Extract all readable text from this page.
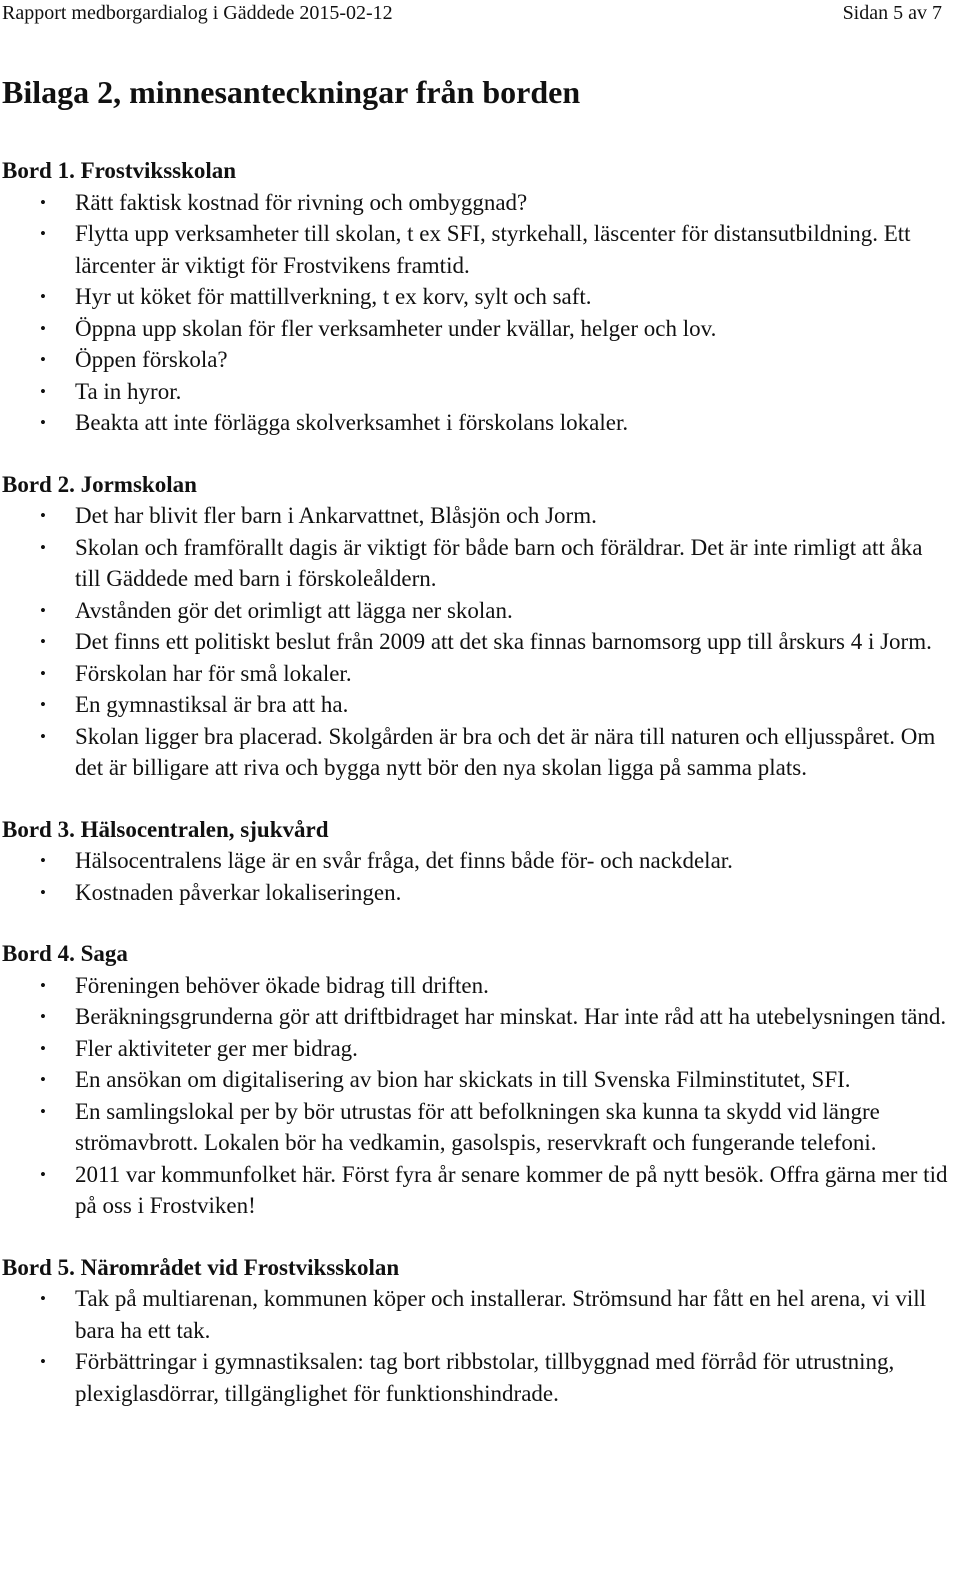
Rapport medborgardialog i Gäddede 2015-02-12	Sidan 5 av 7
Bilaga 2, minnesanteckningar från borden
Bord 1. Frostviksskolan
•	Rätt faktisk kostnad för rivning och ombyggnad?
•	Flytta upp verksamheter till skolan, t ex SFI, styrkehall, läscenter för distansutbildning. Ett lärcenter är viktigt för Frostvikens framtid.
•	Hyr ut köket för mattillverkning, t ex korv, sylt och saft.
•	Öppna upp skolan för fler verksamheter under kvällar, helger och lov.
•	Öppen förskola?
•	Ta in hyror.
•	Beakta att inte förlägga skolverksamhet i förskolans lokaler.
Bord 2. Jormskolan
•	Det har blivit fler barn i Ankarvattnet, Blåsjön och Jorm.
•	Skolan och framförallt dagis är viktigt för både barn och föräldrar. Det är inte rimligt att åka till Gäddede med barn i förskoleåldern.
•	Avstånden gör det orimligt att lägga ner skolan.
•	Det finns ett politiskt beslut från 2009 att det ska finnas barnomsorg upp till årskurs 4 i Jorm.
•	Förskolan har för små lokaler.
•	En gymnastiksal är bra att ha.
•	Skolan ligger bra placerad. Skolgården är bra och det är nära till naturen och elljusspåret. Om det är billigare att riva och bygga nytt bör den nya skolan ligga på samma plats.
Bord 3. Hälsocentralen, sjukvård
•	Hälsocentralens läge är en svår fråga, det finns både för- och nackdelar.
•	Kostnaden påverkar lokaliseringen.
Bord 4. Saga
•	Föreningen behöver ökade bidrag till driften.
•	Beräkningsgrunderna gör att driftbidraget har minskat. Har inte råd att ha utebelysningen tänd.
•	Fler aktiviteter ger mer bidrag.
•	En ansökan om digitalisering av bion har skickats in till Svenska Filminstitutet, SFI.
•	En samlingslokal per by bör utrustas för att befolkningen ska kunna ta skydd vid längre strömavbrott. Lokalen bör ha vedkamin, gasolspis, reservkraft och fungerande telefoni.
•	2011 var kommunfolket här. Först fyra år senare kommer de på nytt besök. Offra gärna mer tid på oss i Frostviken!
Bord 5. Närområdet vid Frostviksskolan
•	Tak på multiarenan, kommunen köper och installerar. Strömsund har fått en hel arena, vi vill bara ha ett tak.
•	Förbättringar i gymnastiksalen: tag bort ribbstolar, tillbyggnad med förråd för utrustning, plexiglasdörrar, tillgänglighet för funktionshindrade.
